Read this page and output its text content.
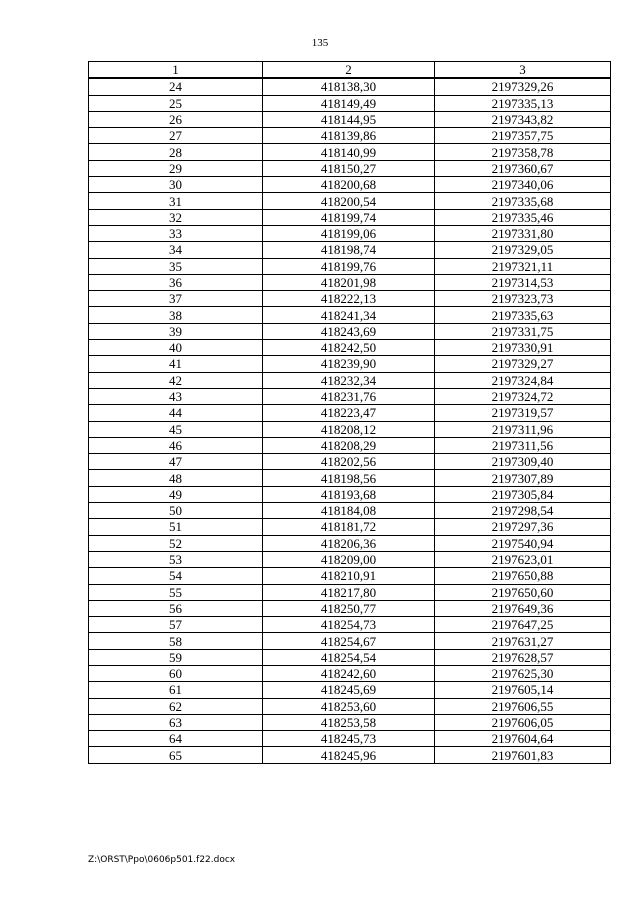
135
1	2	3
24	418138,30	2197329,26
25	418149,49	2197335,13
26	418144,95	2197343,82
27	418139,86	2197357,75
28	418140,99	2197358,78
29	418150,27	2197360,67
30	418200,68	2197340,06
31	418200,54	2197335,68
32	418199,74	2197335,46
33	418199,06	2197331,80
34	418198,74	2197329,05
35	418199,76	2197321,11
36	418201,98	2197314,53
37	418222,13	2197323,73
38	418241,34	2197335,63
39	418243,69	2197331,75
40	418242,50	2197330,91
41	418239,90	2197329,27
42	418232,34	2197324,84
43	418231,76	2197324,72
44	418223,47	2197319,57
45	418208,12	2197311,96
46	418208,29	2197311,56
47	418202,56	2197309,40
48	418198,56	2197307,89
49	418193,68	2197305,84
50	418184,08	2197298,54
51	418181,72	2197297,36
52	418206,36	2197540,94
53	418209,00	2197623,01
54	418210,91	2197650,88
55	418217,80	2197650,60
56	418250,77	2197649,36
57	418254,73	2197647,25
58	418254,67	2197631,27
59	418254,54	2197628,57
60	418242,60	2197625,30
61	418245,69	2197605,14
62	418253,60	2197606,55
63	418253,58	2197606,05
64	418245,73	2197604,64
65	418245,96	2197601,83
Z:\ORST\Ppo\0606p501.f22.docx
